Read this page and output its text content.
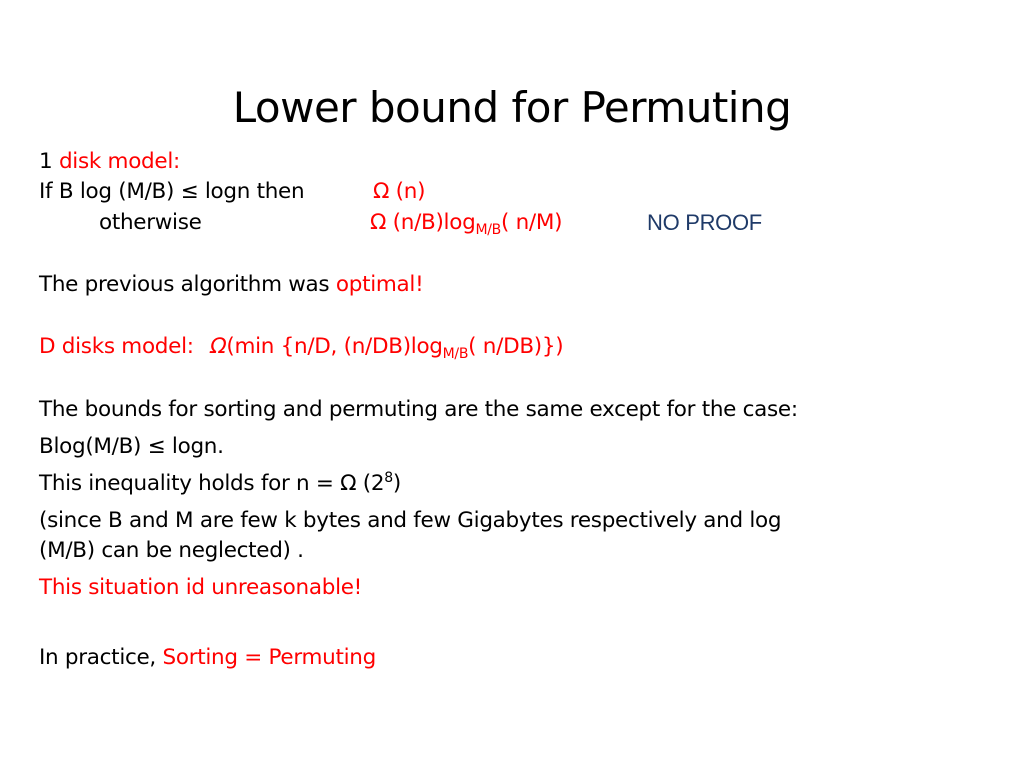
Lower bound for Permuting
1 disk model:
If B log (M/B) ≤ logn then	Ω (n)
otherwise	Ω $(n/B)\log_{M/B}$( n/M)	NO PROOF
The previous algorithm was optimal!
D disks model: Ω(min {n/D, $(n/DB)\log_{M/B}$( n/DB)})
The bounds for sorting and permuting are the same except for the case:
Blog(M/B) ≤ logn.
This inequality holds for n = Ω $(2^8)$
(since B and M are few k bytes and few Gigabytes respectively and log
(M/B) can be neglected) .
This situation id unreasonable!
In practice, Sorting = Permuting
